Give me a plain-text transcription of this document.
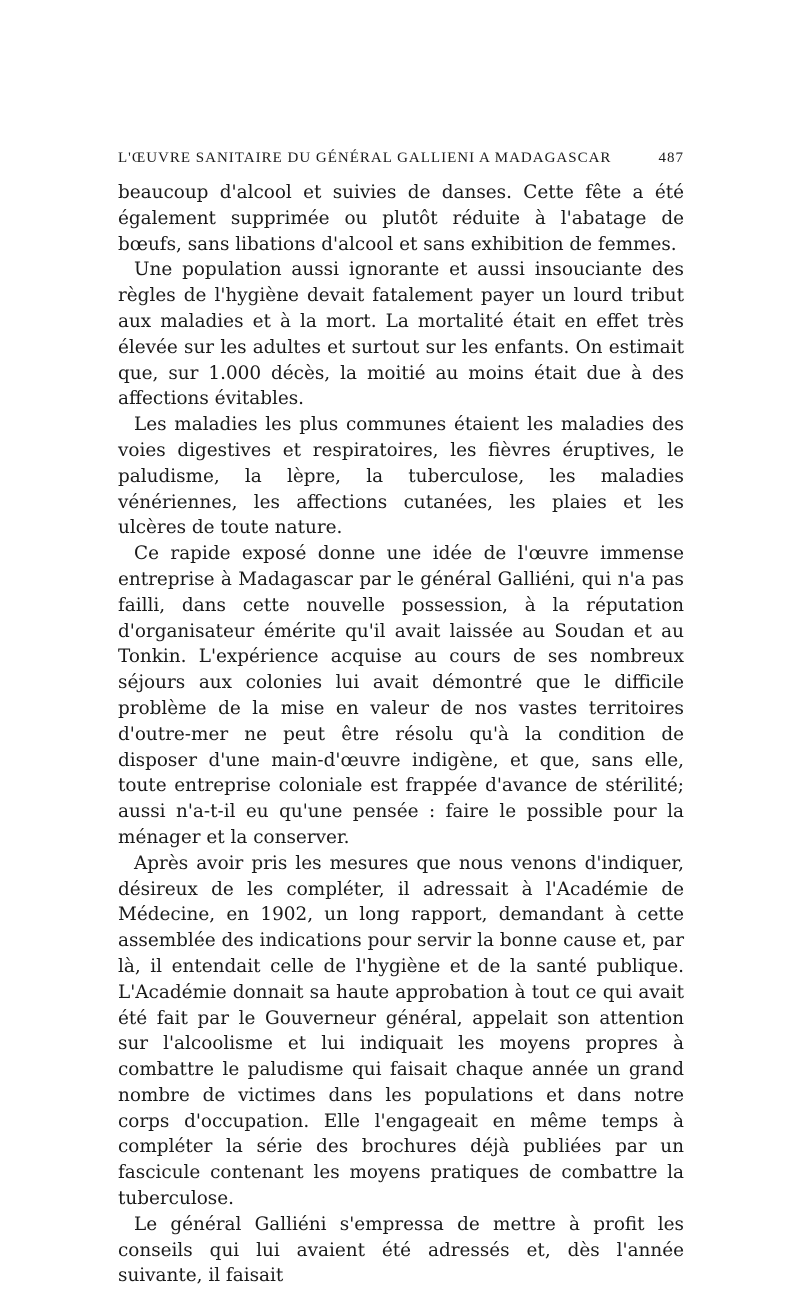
L'ŒUVRE SANITAIRE DU GÉNÉRAL GALLIENI A MADAGASCAR	487

beaucoup d'alcool et suivies de danses. Cette fête a été également supprimée ou plutôt réduite à l'abatage de bœufs, sans libations d'alcool et sans exhibition de femmes.

Une population aussi ignorante et aussi insouciante des règles de l'hygiène devait fatalement payer un lourd tribut aux maladies et à la mort. La mortalité était en effet très élevée sur les adultes et surtout sur les enfants. On estimait que, sur 1.000 décès, la moitié au moins était due à des affections évitables.

Les maladies les plus communes étaient les maladies des voies digestives et respiratoires, les fièvres éruptives, le paludisme, la lèpre, la tuberculose, les maladies vénériennes, les affections cutanées, les plaies et les ulcères de toute nature.

Ce rapide exposé donne une idée de l'œuvre immense entreprise à Madagascar par le général Galliéni, qui n'a pas failli, dans cette nouvelle possession, à la réputation d'organisateur émérite qu'il avait laissée au Soudan et au Tonkin. L'expérience acquise au cours de ses nombreux séjours aux colonies lui avait démontré que le difficile problème de la mise en valeur de nos vastes territoires d'outre-mer ne peut être résolu qu'à la condition de disposer d'une main-d'œuvre indigène, et que, sans elle, toute entreprise coloniale est frappée d'avance de stérilité; aussi n'a-t-il eu qu'une pensée : faire le possible pour la ménager et la conserver.

Après avoir pris les mesures que nous venons d'indiquer, désireux de les compléter, il adressait à l'Académie de Médecine, en 1902, un long rapport, demandant à cette assemblée des indications pour servir la bonne cause et, par là, il entendait celle de l'hygiène et de la santé publique. L'Académie donnait sa haute approbation à tout ce qui avait été fait par le Gouverneur général, appelait son attention sur l'alcoolisme et lui indiquait les moyens propres à combattre le paludisme qui faisait chaque année un grand nombre de victimes dans les populations et dans notre corps d'occupation. Elle l'engageait en même temps à compléter la série des brochures déjà publiées par un fascicule contenant les moyens pratiques de combattre la tuberculose.

Le général Galliéni s'empressa de mettre à profit les conseils qui lui avaient été adressés et, dès l'année suivante, il faisait
